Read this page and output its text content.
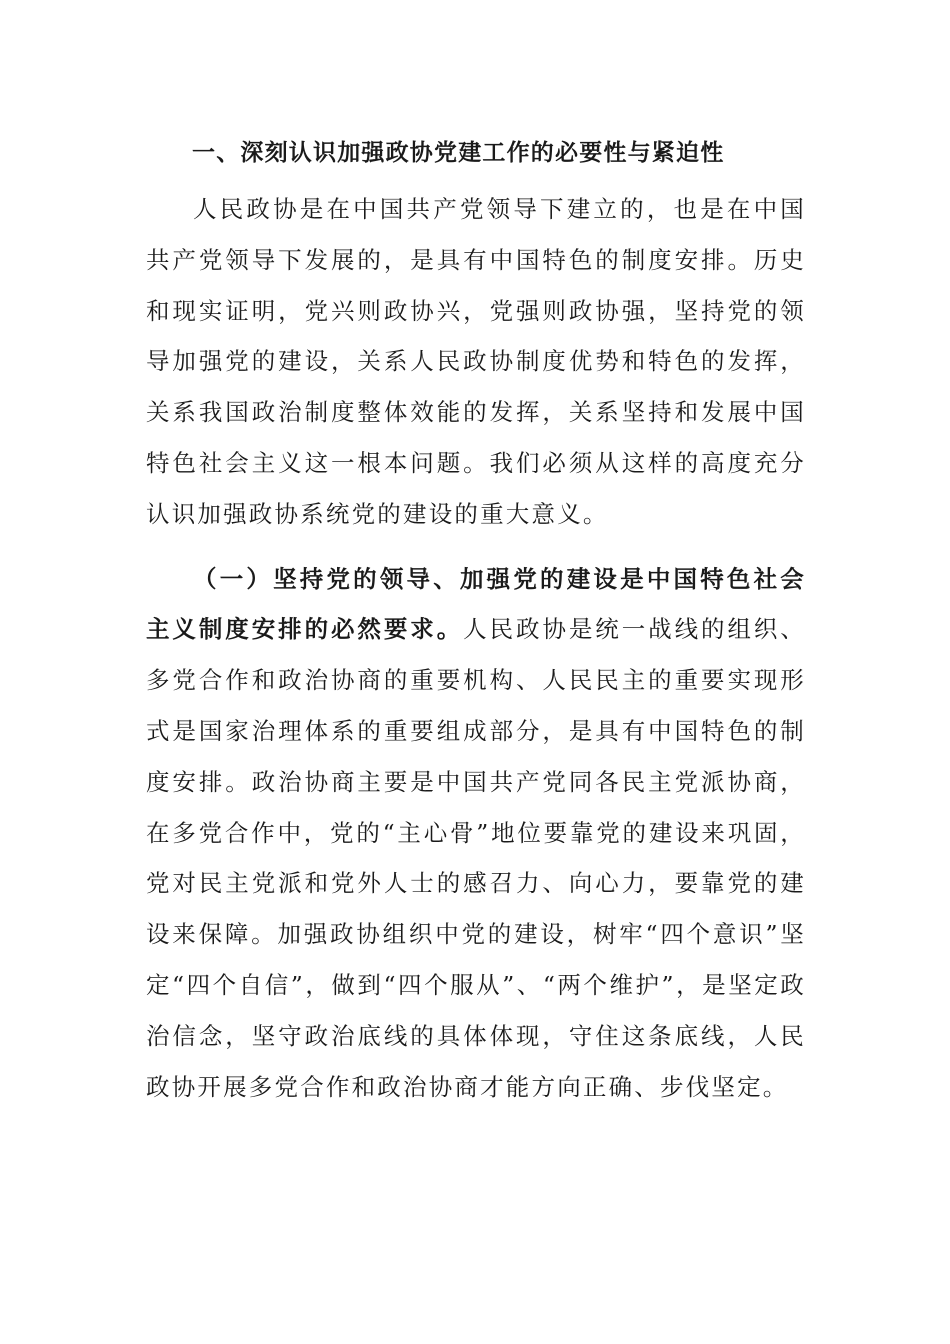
一、深刻认识加强政协党建工作的必要性与紧迫性

人民政协是在中国共产党领导下建立的，也是在中国共产党领导下发展的，是具有中国特色的制度安排。历史和现实证明，党兴则政协兴，党强则政协强，坚持党的领导加强党的建设，关系人民政协制度优势和特色的发挥，关系我国政治制度整体效能的发挥，关系坚持和发展中国特色社会主义这一根本问题。我们必须从这样的高度充分认识加强政协系统党的建设的重大意义。

（一）坚持党的领导、加强党的建设是中国特色社会主义制度安排的必然要求。人民政协是统一战线的组织、多党合作和政治协商的重要机构、人民民主的重要实现形式是国家治理体系的重要组成部分，是具有中国特色的制度安排。政治协商主要是中国共产党同各民主党派协商，在多党合作中，党的“主心骨”地位要靠党的建设来巩固，党对民主党派和党外人士的感召力、向心力，要靠党的建设来保障。加强政协组织中党的建设，树牢“四个意识”坚定“四个自信”，做到“四个服从”、“两个维护”，是坚定政治信念，坚守政治底线的具体体现，守住这条底线，人民政协开展多党合作和政治协商才能方向正确、步伐坚定。
